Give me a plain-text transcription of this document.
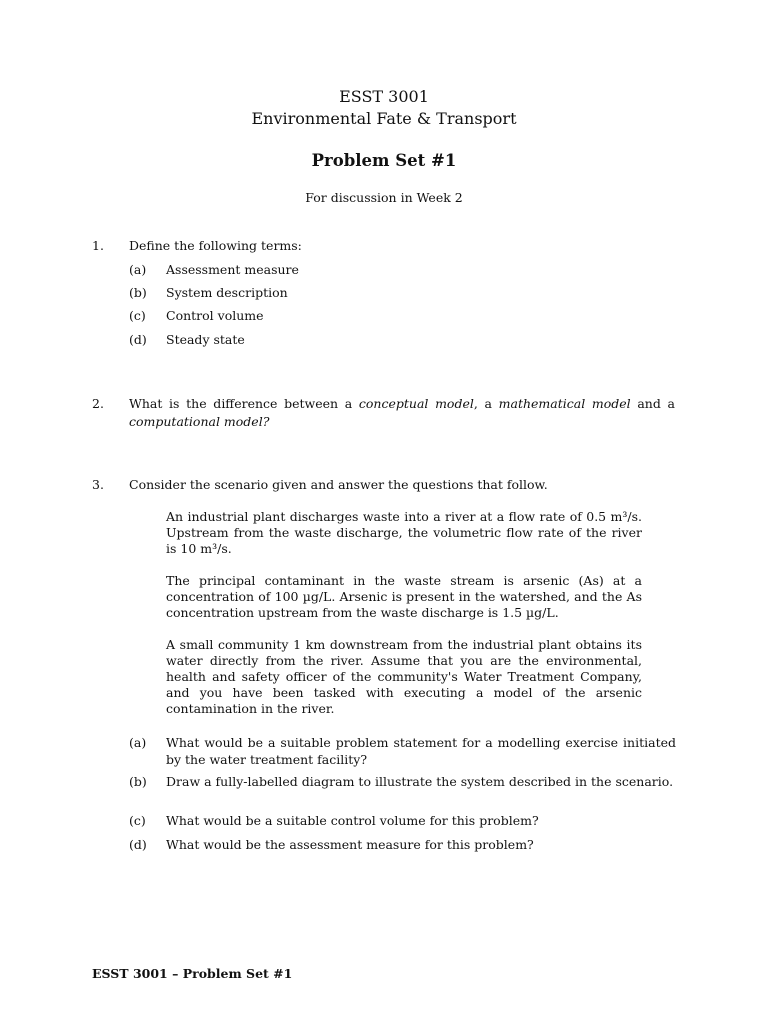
ESST 3001
Environmental Fate & Transport
Problem Set #1
For discussion in Week 2
1. Define the following terms:
(a) Assessment measure
(b) System description
(c) Control volume
(d) Steady state
2. What is the difference between a conceptual model, a mathematical model and a computational model?
3. Consider the scenario given and answer the questions that follow.
An industrial plant discharges waste into a river at a flow rate of 0.5 m³/s. Upstream from the waste discharge, the volumetric flow rate of the river is 10 m³/s.
The principal contaminant in the waste stream is arsenic (As) at a concentration of 100 µg/L. Arsenic is present in the watershed, and the As concentration upstream from the waste discharge is 1.5 µg/L.
A small community 1 km downstream from the industrial plant obtains its water directly from the river. Assume that you are the environmental, health and safety officer of the community's Water Treatment Company, and you have been tasked with executing a model of the arsenic contamination in the river.
(a) What would be a suitable problem statement for a modelling exercise initiated by the water treatment facility?
(b) Draw a fully-labelled diagram to illustrate the system described in the scenario.
(c) What would be a suitable control volume for this problem?
(d) What would be the assessment measure for this problem?
ESST 3001 – Problem Set #1
